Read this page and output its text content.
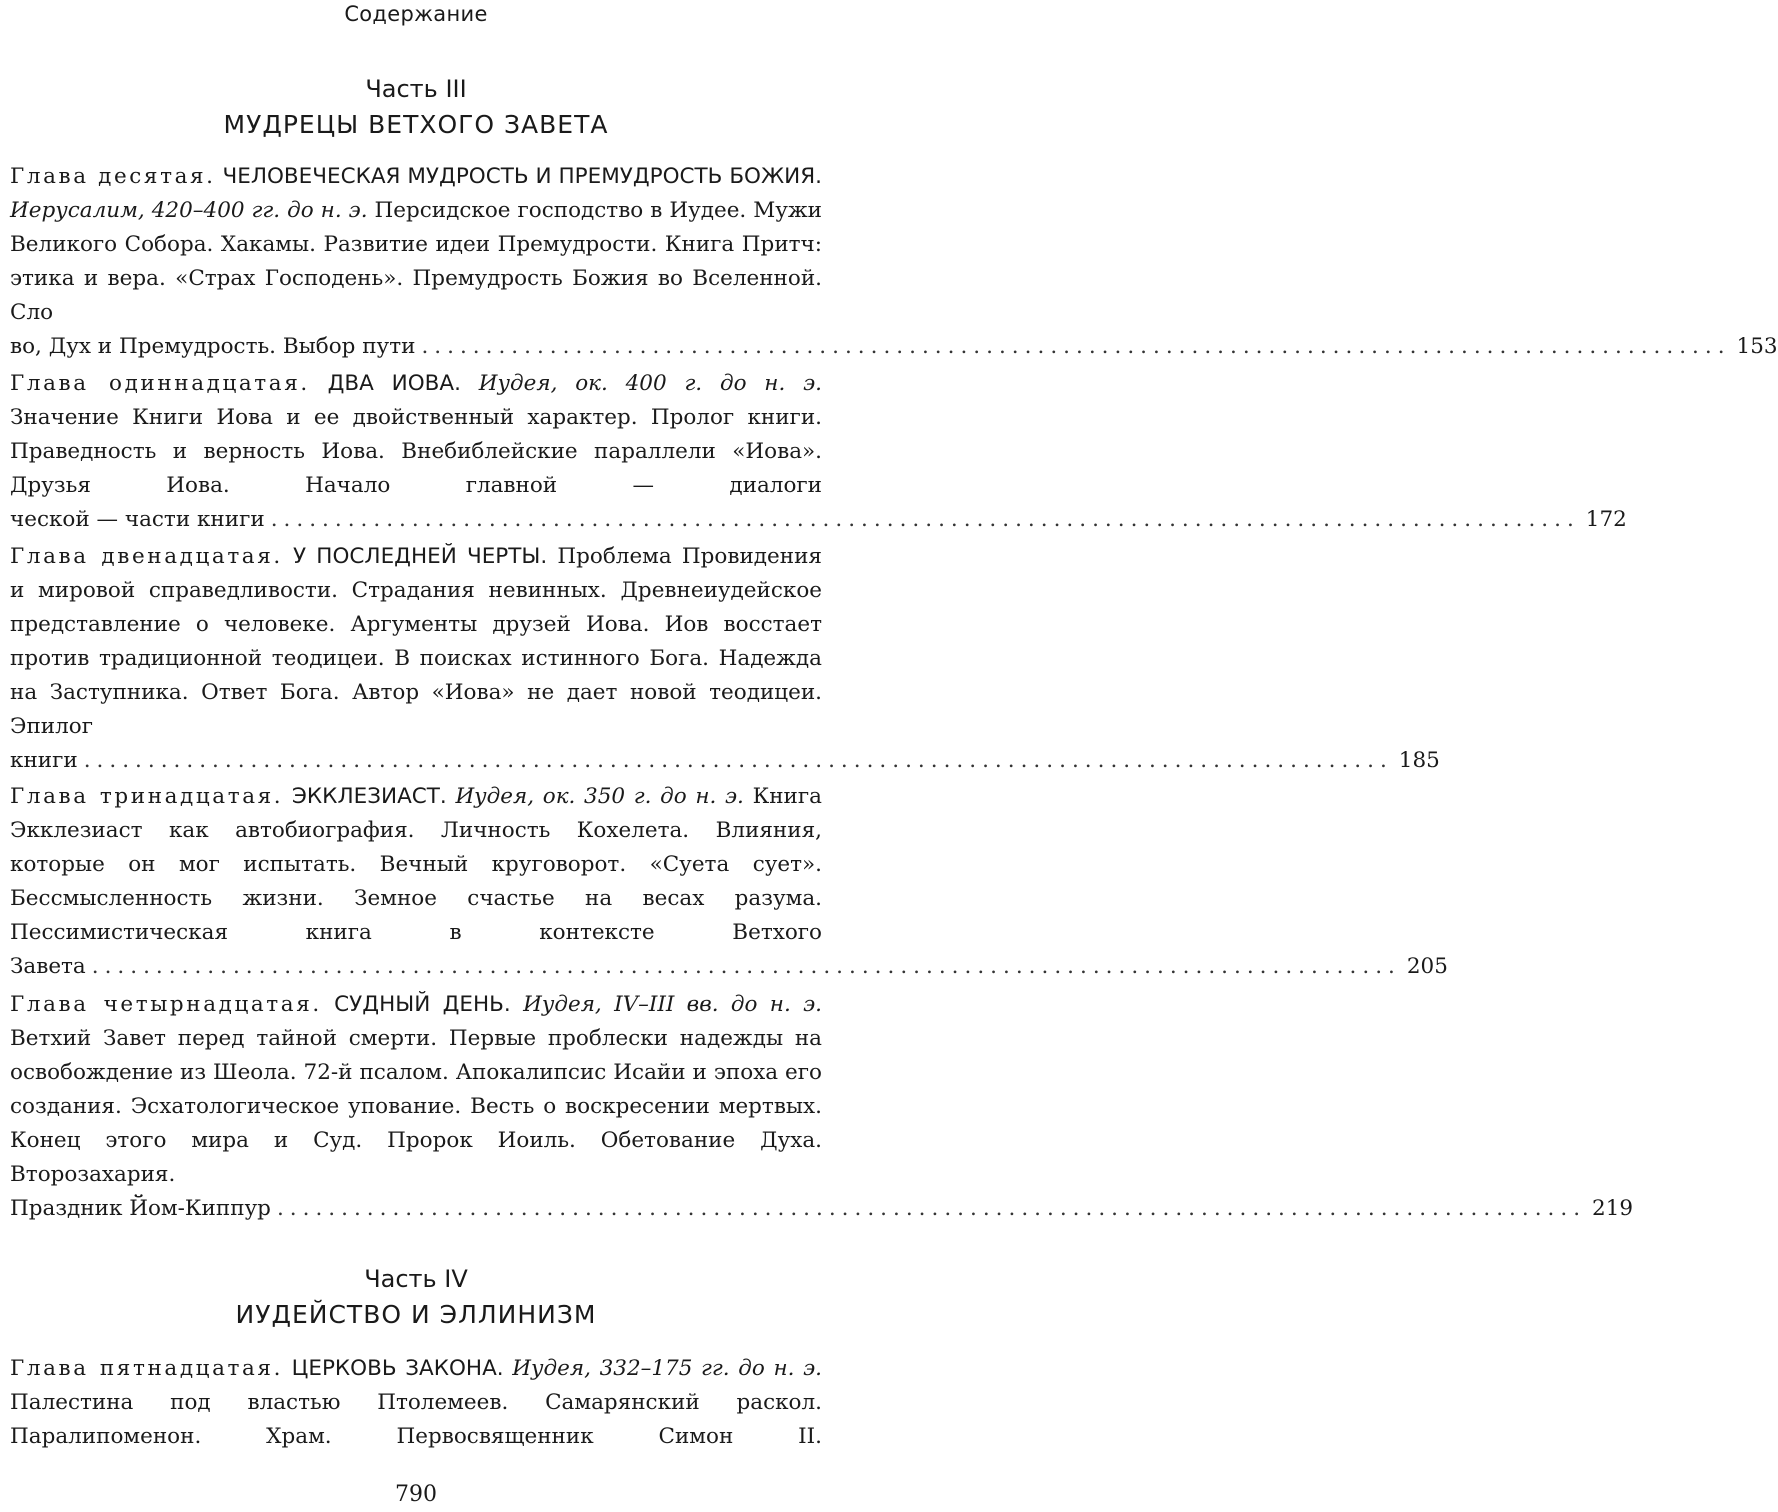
Содержание
Часть III
МУДРЕЦЫ ВЕТХОГО ЗАВЕТА
Глава десятая. ЧЕЛОВЕЧЕСКАЯ МУДРОСТЬ И ПРЕМУДРОСТЬ БОЖИЯ. Иерусалим, 420–400 гг. до н. э. Персидское господство в Иудее. Мужи Великого Собора. Хакамы. Развитие идеи Премудрости. Книга Притч: этика и вера. «Страх Господень». Премудрость Божия во Вселенной. Сло
во, Дух и Премудрость. Выбор пути ...................................................................................................... 153
Глава одиннадцатая. ДВА ИОВА. Иудея, ок. 400 г. до н. э. Значение Книги Иова и ее двойственный характер. Пролог книги. Праведность и верность Иова. Внебиблейские параллели «Иова». Друзья Иова. Начало главной — диалоги
ческой — части книги ...................................................................................................... 172
Глава двенадцатая. У ПОСЛЕДНЕЙ ЧЕРТЫ. Проблема Провидения и мировой справедливости. Страдания невинных. Древнеиудейское представление о человеке. Аргументы друзей Иова. Иов восстает против традиционной теодицеи. В поисках истинного Бога. Надежда на Заступника. Ответ Бога. Автор «Иова» не дает новой теодицеи. Эпилог
книги ...................................................................................................... 185
Глава тринадцатая. ЭККЛЕЗИАСТ. Иудея, ок. 350 г. до н. э. Книга Экклезиаст как автобиография. Личность Кохелета. Влияния, которые он мог испытать. Вечный круговорот. «Суета сует». Бессмысленность жизни. Земное счастье на весах разума. Пессимистическая книга в контексте Ветхого
Завета ...................................................................................................... 205
Глава четырнадцатая. СУДНЫЙ ДЕНЬ. Иудея, IV–III вв. до н. э. Ветхий Завет перед тайной смерти. Первые проблески надежды на освобождение из Шеола. 72-й псалом. Апокалипсис Исайи и эпоха его создания. Эсхатологическое упование. Весть о воскресении мертвых. Конец этого мира и Суд. Пророк Иоиль. Обетование Духа. Второзахария.
Праздник Йом-Киппур ...................................................................................................... 219
Часть IV
ИУДЕЙСТВО И ЭЛЛИНИЗМ
Глава пятнадцатая. ЦЕРКОВЬ ЗАКОНА. Иудея, 332–175 гг. до н. э. Палестина под властью Птолемеев. Самарянский раскол. Паралипоменон. Храм. Первосвященник Симон II.
790
